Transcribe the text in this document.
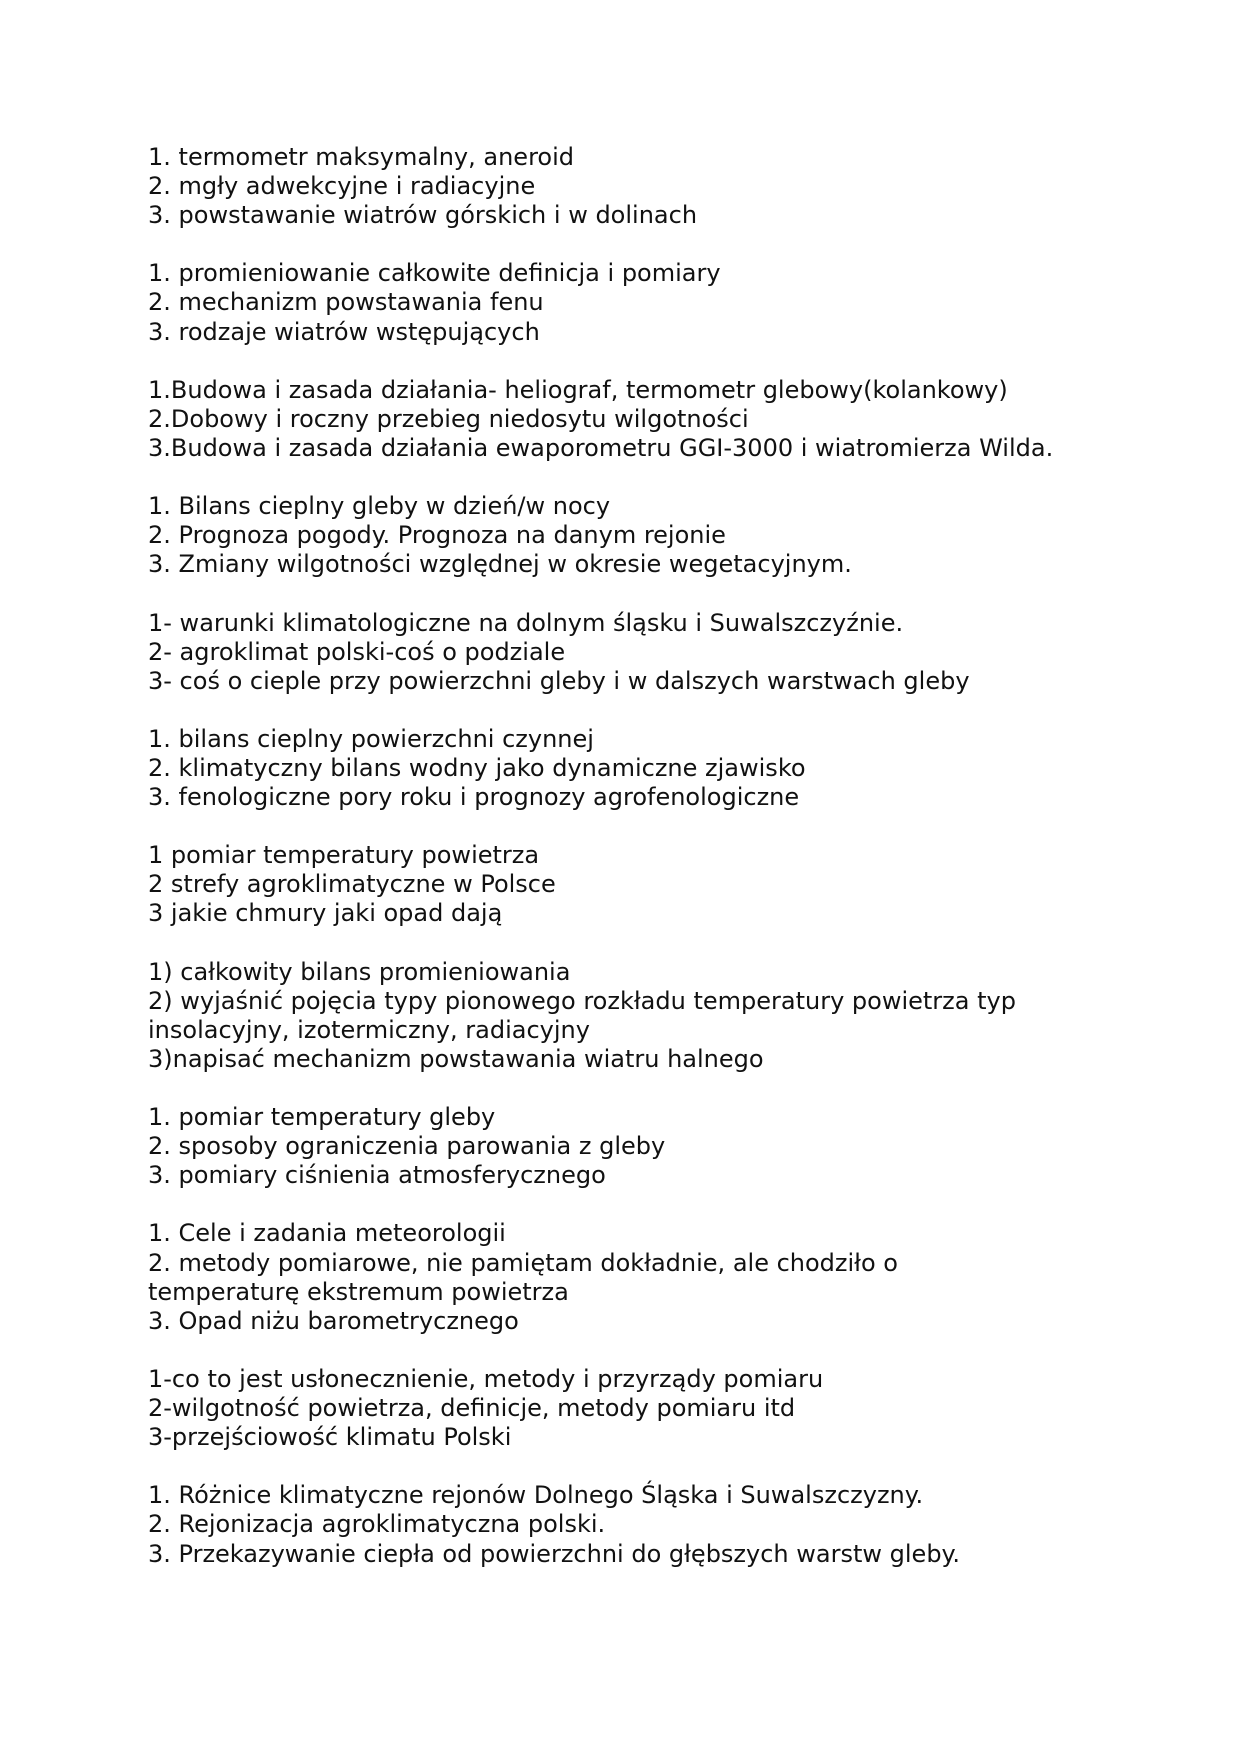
1. termometr maksymalny, aneroid
2. mgły adwekcyjne i radiacyjne
3. powstawanie wiatrów górskich i w dolinach
1. promieniowanie całkowite definicja i pomiary
2. mechanizm powstawania fenu
3. rodzaje wiatrów wstępujących
1.Budowa i zasada działania- heliograf, termometr glebowy(kolankowy)
2.Dobowy i roczny przebieg niedosytu wilgotności
3.Budowa i zasada działania ewaporometru GGI-3000 i wiatromierza Wilda.
1. Bilans cieplny gleby w dzień/w nocy
2. Prognoza pogody. Prognoza na danym rejonie
3. Zmiany wilgotności względnej w okresie wegetacyjnym.
1- warunki klimatologiczne na dolnym śląsku i Suwalszczyźnie.
2- agroklimat polski-coś o podziale
3- coś o cieple przy powierzchni gleby i w dalszych warstwach gleby
1. bilans cieplny powierzchni czynnej
2. klimatyczny bilans wodny jako dynamiczne zjawisko
3. fenologiczne pory roku i prognozy agrofenologiczne
1 pomiar temperatury powietrza
2 strefy agroklimatyczne w Polsce
3 jakie chmury jaki opad dają
1) całkowity bilans promieniowania
2) wyjaśnić pojęcia typy pionowego rozkładu temperatury powietrza typ
insolacyjny, izotermiczny, radiacyjny
3)napisać mechanizm powstawania wiatru halnego
1. pomiar temperatury gleby
2. sposoby ograniczenia parowania z gleby
3. pomiary ciśnienia atmosferycznego
1. Cele i zadania meteorologii
2. metody pomiarowe, nie pamiętam dokładnie, ale chodziło o
temperaturę ekstremum powietrza
3. Opad niżu barometrycznego
1-co to jest usłonecznienie, metody i przyrządy pomiaru
2-wilgotność powietrza, definicje, metody pomiaru itd
3-przejściowość klimatu Polski
1. Różnice klimatyczne rejonów Dolnego Śląska i Suwalszczyzny.
2. Rejonizacja agroklimatyczna polski.
3. Przekazywanie ciepła od powierzchni do głębszych warstw gleby.
